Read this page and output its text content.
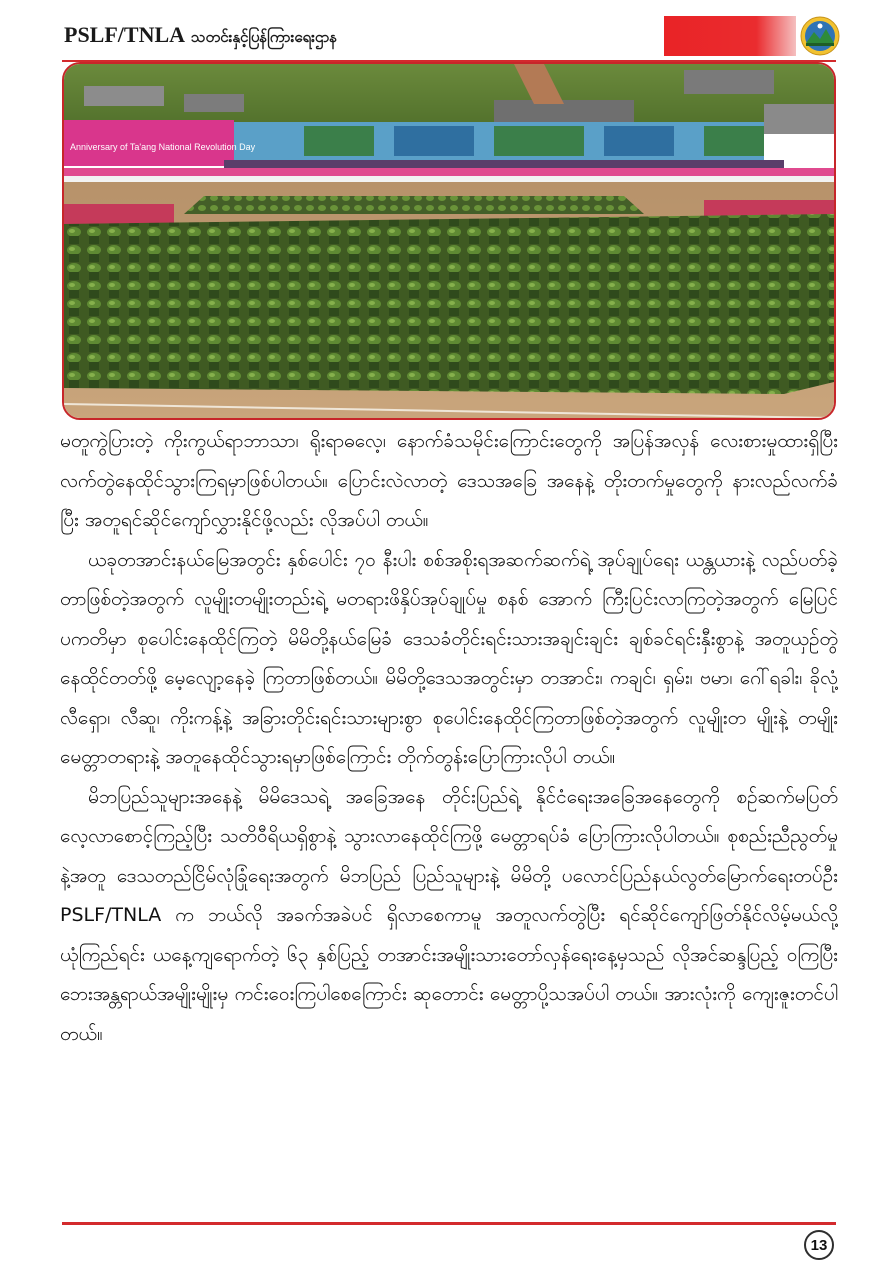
PSLF/TNLA သတင်းနှင့်ပြန်ကြားရေးဌာန
Anniversary of Ta'ang National Revolution Day

မတူကွဲပြားတဲ့ ကိုးကွယ်ရာဘာသာ၊ ရိုးရာဓလေ့၊ နောက်ခံသမိုင်းကြောင်းတွေကို အပြန်အလှန် လေးစားမှုထားရှိပြီး လက်တွဲနေထိုင်သွားကြရမှာဖြစ်ပါတယ်။ ပြောင်းလဲလာတဲ့ ဒေသအခြေ အနေနဲ့ တိုးတက်မှုတွေကို နားလည်လက်ခံပြီး အတူရင်ဆိုင်ကျော်လွှားနိုင်ဖို့လည်း လိုအပ်ပါ တယ်။

ယခုတအာင်းနယ်မြေအတွင်း နှစ်ပေါင်း ၇၀ နီးပါး စစ်အစိုးရအဆက်ဆက်ရဲ့ အုပ်ချုပ်ရေး ယန္တယားနဲ့ လည်ပတ်ခဲ့တာဖြစ်တဲ့အတွက် လူမျိုးတမျိုးတည်းရဲ့ မတရားဖိနှိပ်အုပ်ချုပ်မှု စနစ် အောက် ကြီးပြင်းလာကြတဲ့အတွက် မြေပြင်ပကတိမှာ စုပေါင်းနေထိုင်ကြတဲ့ မိမိတို့နယ်မြေခံ ဒေသခံတိုင်းရင်းသားအချင်းချင်း ချစ်ခင်ရင်းနှီးစွာနဲ့ အတူယှဉ်တွဲနေထိုင်တတ်ဖို့ မေ့လျော့နေခဲ့ ကြတာဖြစ်တယ်။ မိမိတို့ဒေသအတွင်းမှာ တအာင်း၊ ကချင်၊ ရှမ်း၊ ဗမာ၊ ဂေါ်ရခါး၊ ခိုလုံ့လီရှော၊ လီဆူ၊ ကိုးကန့်နဲ့ အခြားတိုင်းရင်းသားများစွာ စုပေါင်းနေထိုင်ကြတာဖြစ်တဲ့အတွက် လူမျိုးတ မျိုးနဲ့ တမျိုး မေတ္တာတရားနဲ့ အတူနေထိုင်သွားရမှာဖြစ်ကြောင်း တိုက်တွန်းပြောကြားလိုပါ တယ်။

မိဘပြည်သူများအနေနဲ့ မိမိဒေသရဲ့ အခြေအနေ တိုင်းပြည်ရဲ့ နိုင်ငံရေးအခြေအနေတွေကို စဉ်ဆက်မပြတ် လေ့လာစောင့်ကြည့်ပြီး သတိဝီရိယရှိစွာနဲ့ သွားလာနေထိုင်ကြဖို့ မေတ္တာရပ်ခံ ပြောကြားလိုပါတယ်။ စုစည်းညီညွတ်မှုနဲ့အတူ ဒေသတည်ငြိမ်လုံခြုံရေးအတွက် မိဘပြည် ပြည်သူများနဲ့ မိမိတို့ ပလောင်ပြည်နယ်လွတ်မြောက်ရေးတပ်ဦး PSLF/TNLA က ဘယ်လို အခက်အခဲပင် ရှိလာစေကာမူ အတူလက်တွဲပြီး ရင်ဆိုင်ကျော်ဖြတ်နိုင်လိမ့်မယ်လို့ ယုံကြည်ရင်း ယနေ့ကျရောက်တဲ့ ၆၃ နှစ်ပြည့် တအာင်းအမျိုးသားတော်လှန်ရေးနေ့မှသည် လိုအင်ဆန္ဒပြည့် ဝကြပြီး ဘေးအန္တရာယ်အမျိုးမျိုးမှ ကင်းဝေးကြပါစေကြောင်း ဆုတောင်း မေတ္တာပို့သအပ်ပါ တယ်။ အားလုံးကို ကျေးဇူးတင်ပါတယ်။

13
